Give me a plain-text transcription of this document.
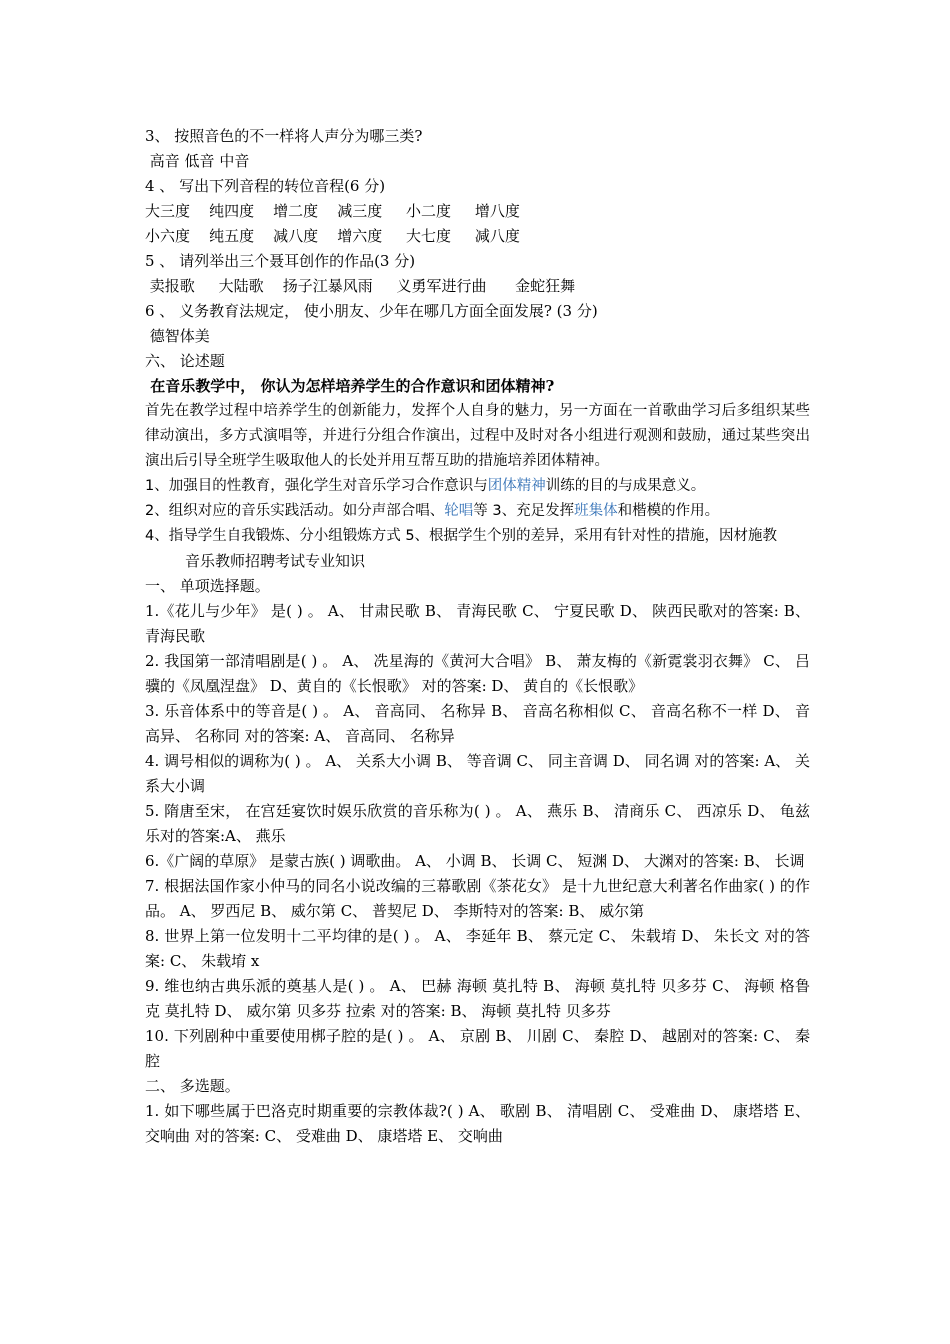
3、 按照音色的不一样将人声分为哪三类?
高音 低音 中音
4 、 写出下列音程的转位音程(6 分)
大三度    纯四度    增二度    减三度     小二度     增八度
小六度    纯五度    减八度    增六度     大七度     减八度
5 、 请列举出三个聂耳创作的作品(3 分)
卖报歌     大陆歌    扬子江暴风雨     义勇军进行曲      金蛇狂舞
6 、 义务教育法规定， 使小朋友、少年在哪几方面全面发展? (3 分)
德智体美
六、 论述题
在音乐教学中， 你认为怎样培养学生的合作意识和团体精神?
首先在教学过程中培养学生的创新能力，发挥个人自身的魅力，另一方面在一首歌曲学习后多组织某些律动演出，多方式演唱等，并进行分组合作演出，过程中及时对各小组进行观测和鼓励，通过某些突出演出后引导全班学生吸取他人的长处并用互帮互助的措施培养团体精神。
1、加强目的性教育，强化学生对音乐学习合作意识与团体精神训练的目的与成果意义。
2、组织对应的音乐实践活动。如分声部合唱、轮唱等 3、充足发挥班集体和楷模的作用。
4、指导学生自我锻炼、分小组锻炼方式 5、根据学生个别的差异，采用有针对性的措施，因材施教
音乐教师招聘考试专业知识
一、 单项选择题。
1.《花儿与少年》 是( ) 。 A、 甘肃民歌 B、 青海民歌 C、 宁夏民歌 D、 陕西民歌对的答案: B、 青海民歌
2. 我国第一部清唱剧是( ) 。 A、 冼星海的《黄河大合唱》 B、 萧友梅的《新霓裳羽衣舞》 C、 吕骥的《凤凰涅盘》 D、黄自的《长恨歌》 对的答案: D、 黄自的《长恨歌》
3. 乐音体系中的等音是( ) 。 A、 音高同、 名称异 B、 音高名称相似 C、 音高名称不一样 D、 音高异、 名称同 对的答案: A、 音高同、 名称异
4. 调号相似的调称为( ) 。 A、 关系大小调 B、 等音调 C、 同主音调 D、 同名调 对的答案: A、 关系大小调
5. 隋唐至宋， 在宫廷宴饮时娱乐欣赏的音乐称为( ) 。 A、 燕乐 B、 清商乐 C、 西凉乐 D、 龟兹乐对的答案:A、 燕乐
6.《广阔的草原》 是蒙古族( ) 调歌曲。 A、 小调 B、 长调 C、 短渊 D、 大渊对的答案: B、 长调
7. 根据法国作家小仲马的同名小说改编的三幕歌剧《茶花女》 是十九世纪意大利著名作曲家( ) 的作品。 A、 罗西尼 B、 威尔第 C、 普契尼 D、 李斯特对的答案: B、 威尔第
8. 世界上第一位发明十二平均律的是( ) 。 A、 李延年 B、 蔡元定 C、 朱载堉 D、 朱长文 对的答案: C、 朱载堉 x
9. 维也纳古典乐派的奠基人是( ) 。 A、 巴赫 海顿 莫扎特 B、 海顿 莫扎特 贝多芬 C、 海顿 格鲁克 莫扎特 D、 威尔第 贝多芬 拉索 对的答案: B、 海顿 莫扎特 贝多芬
10. 下列剧种中重要使用梆子腔的是( ) 。 A、 京剧 B、 川剧 C、 秦腔 D、 越剧对的答案: C、 秦腔
二、 多选题。
1. 如下哪些属于巴洛克时期重要的宗教体裁?( ) A、 歌剧 B、 清唱剧 C、 受难曲 D、 康塔塔 E、 交响曲 对的答案: C、 受难曲 D、 康塔塔 E、 交响曲
